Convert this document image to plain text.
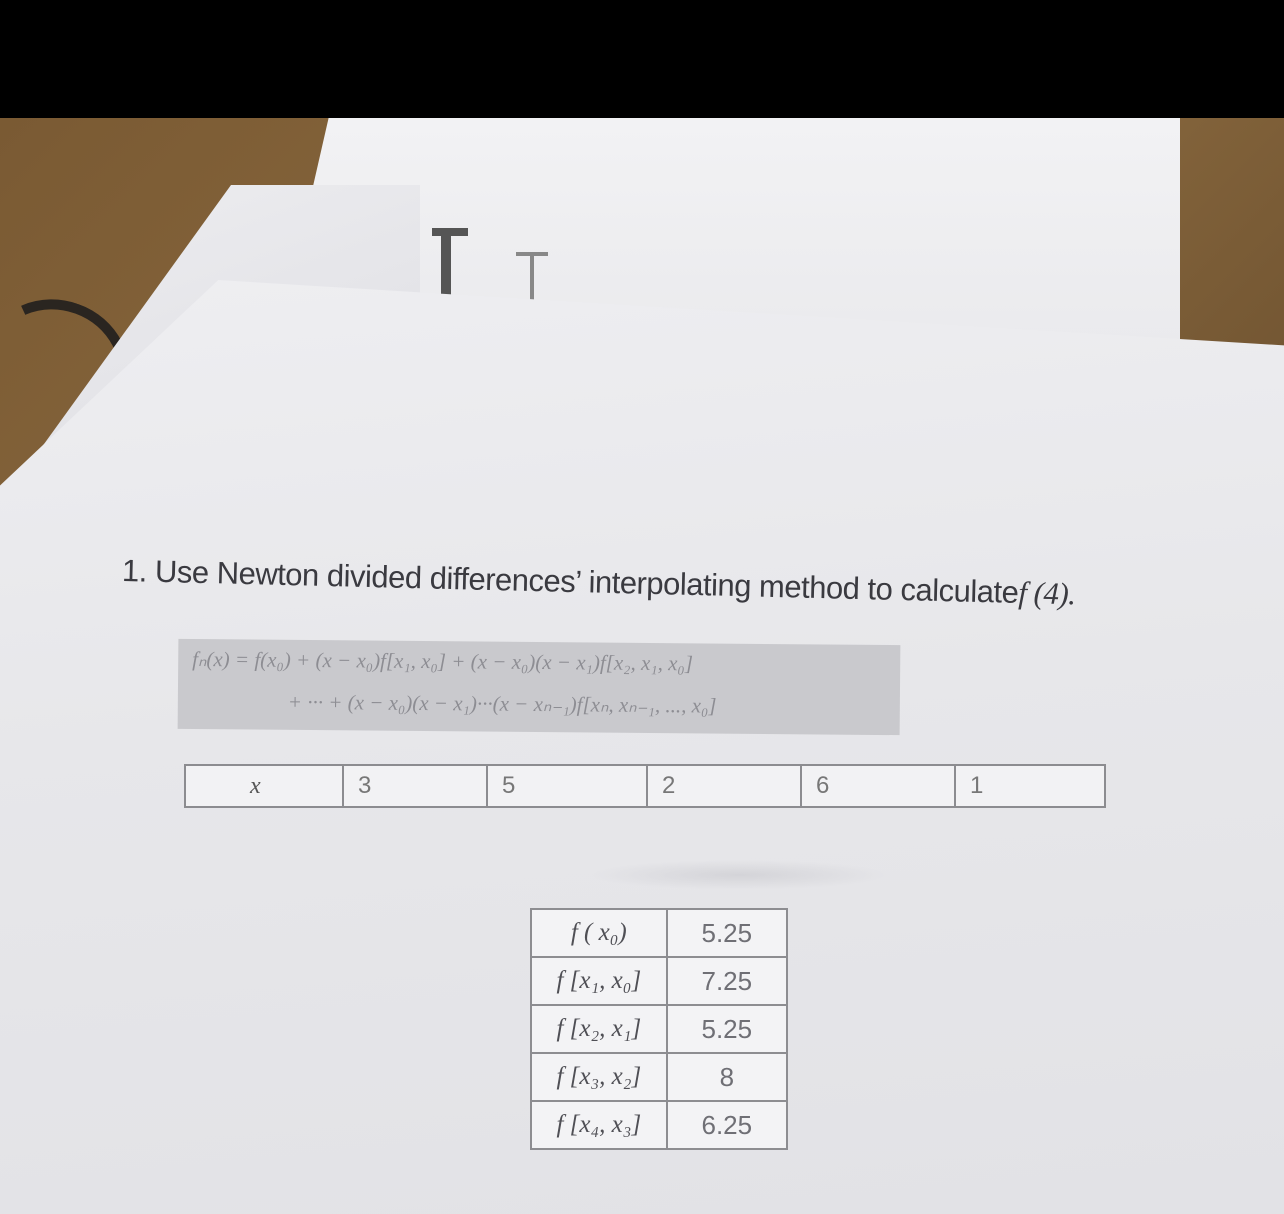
1. Use Newton divided differences’ interpolating method to calculatef (4).
fₙ(x) = f(x₀) + (x − x₀)f[x₁, x₀] + (x − x₀)(x − x₁)f[x₂, x₁, x₀]
+ ··· + (x − x₀)(x − x₁)···(x − xₙ₋₁)f[xₙ, xₙ₋₁, ..., x₀]
x	3	5	2	6	1
f ( x₀)	5.25
f [x₁, x₀]	7.25
f [x₂, x₁]	5.25
f [x₃, x₂]	8
f [x₄, x₃]	6.25
